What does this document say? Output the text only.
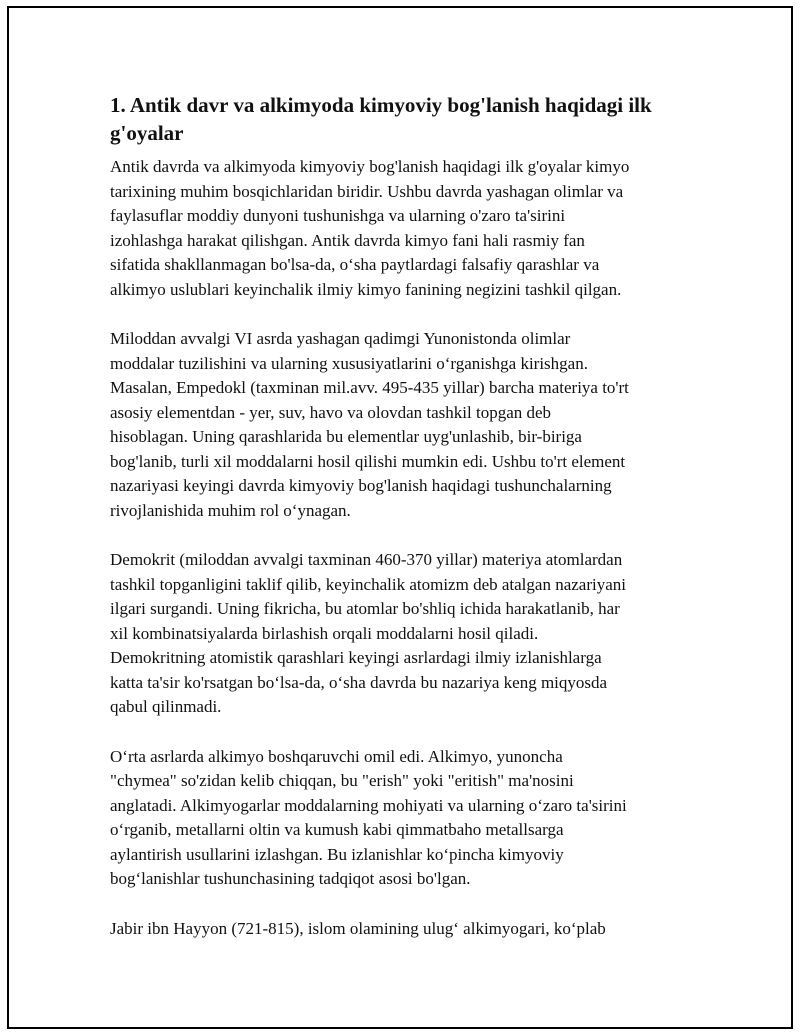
1. Antik davr va alkimyoda kimyoviy bog'lanish haqidagi ilk
g'oyalar

Antik davrda va alkimyoda kimyoviy bog'lanish haqidagi ilk g'oyalar kimyo
tarixining muhim bosqichlaridan biridir. Ushbu davrda yashagan olimlar va
faylasuflar moddiy dunyoni tushunishga va ularning o'zaro ta'sirini
izohlashga harakat qilishgan. Antik davrda kimyo fani hali rasmiy fan
sifatida shakllanmagan bo'lsa-da, o‘sha paytlardagi falsafiy qarashlar va
alkimyo uslublari keyinchalik ilmiy kimyo fanining negizini tashkil qilgan.

Miloddan avvalgi VI asrda yashagan qadimgi Yunonistonda olimlar
moddalar tuzilishini va ularning xususiyatlarini o‘rganishga kirishgan.
Masalan, Empedokl (taxminan mil.avv. 495-435 yillar) barcha materiya to'rt
asosiy elementdan - yer, suv, havo va olovdan tashkil topgan deb
hisoblagan. Uning qarashlarida bu elementlar uyg'unlashib, bir-biriga
bog'lanib, turli xil moddalarni hosil qilishi mumkin edi. Ushbu to'rt element
nazariyasi keyingi davrda kimyoviy bog'lanish haqidagi tushunchalarning
rivojlanishida muhim rol o‘ynagan.

Demokrit (miloddan avvalgi taxminan 460-370 yillar) materiya atomlardan
tashkil topganligini taklif qilib, keyinchalik atomizm deb atalgan nazariyani
ilgari surgandi. Uning fikricha, bu atomlar bo'shliq ichida harakatlanib, har
xil kombinatsiyalarda birlashish orqali moddalarni hosil qiladi.
Demokritning atomistik qarashlari keyingi asrlardagi ilmiy izlanishlarga
katta ta'sir ko'rsatgan bo‘lsa-da, o‘sha davrda bu nazariya keng miqyosda
qabul qilinmadi.

O‘rta asrlarda alkimyo boshqaruvchi omil edi. Alkimyo, yunoncha
"chymea" so'zidan kelib chiqqan, bu "erish" yoki "eritish" ma'nosini
anglatadi. Alkimyogarlar moddalarning mohiyati va ularning o‘zaro ta'sirini
o‘rganib, metallarni oltin va kumush kabi qimmatbaho metallsarga
aylantirish usullarini izlashgan. Bu izlanishlar ko‘pincha kimyoviy
bog‘lanishlar tushunchasining tadqiqot asosi bo'lgan.

Jabir ibn Hayyon (721-815), islom olamining ulug‘ alkimyogari, ko‘plab
